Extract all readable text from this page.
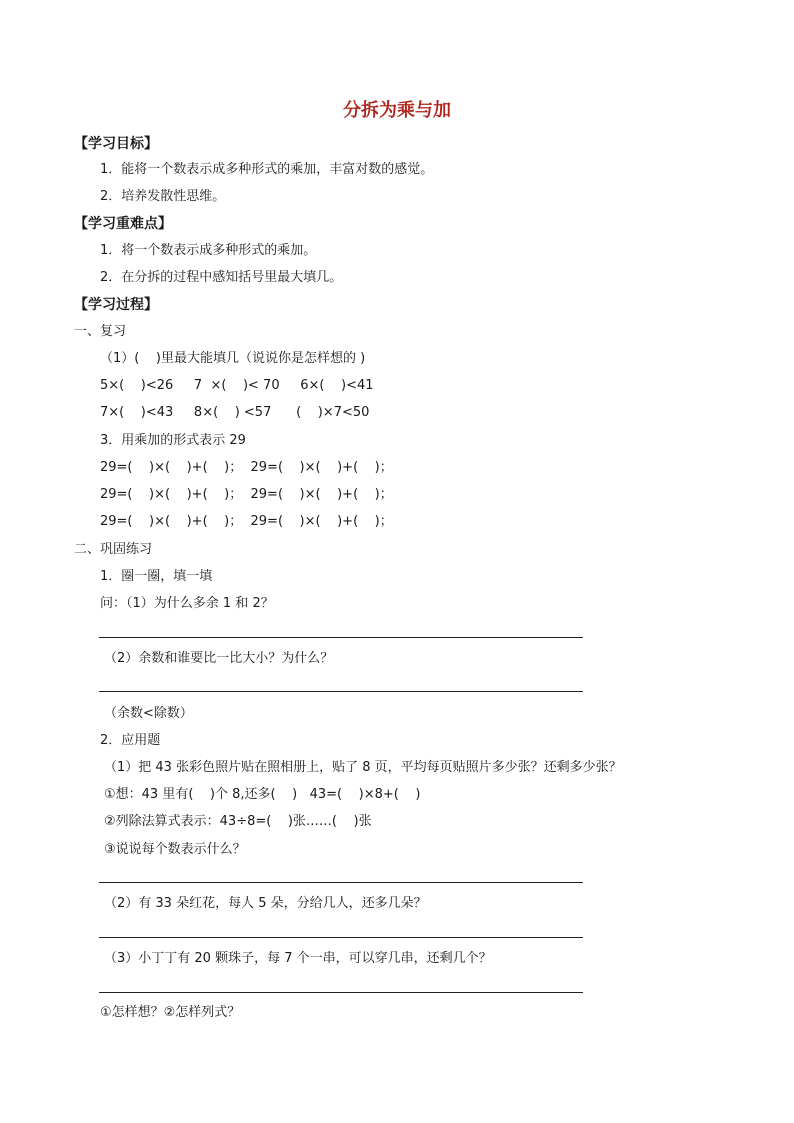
分拆为乘与加
【学习目标】
1．能将一个数表示成多种形式的乘加，丰富对数的感觉。
2．培养发散性思维。
【学习重难点】
1．将一个数表示成多种形式的乘加。
2．在分拆的过程中感知括号里最大填几。
【学习过程】
一、复习
（1）(    )里最大能填几（说说你是怎样想的 )
5×(    )<26     7  ×(    )< 70     6×(    )<41
7×(    )<43     8×(    ) <57      (    )×7<50
3．用乘加的形式表示 29
29=(    )×(    )+(    )；  29=(    )×(    )+(    )；
29=(    )×(    )+(    )；  29=(    )×(    )+(    )；
29=(    )×(    )+(    )；  29=(    )×(    )+(    )；
二、巩固练习
1．圈一圈，填一填
问：（1）为什么多余 1 和 2？
（2）余数和谁要比一比大小？为什么？
（余数<除数）
2．应用题
（1）把 43 张彩色照片贴在照相册上，贴了 8 页，平均每页贴照片多少张？还剩多少张？
①想：43 里有(    )个 8,还多(    )   43=(    )×8+(    )
②列除法算式表示：43÷8=(    )张……(    )张
③说说每个数表示什么？
（2）有 33 朵红花，每人 5 朵，分给几人，还多几朵？
（3）小丁丁有 20 颗珠子，每 7 个一串，可以穿几串，还剩几个？
①怎样想？②怎样列式？
